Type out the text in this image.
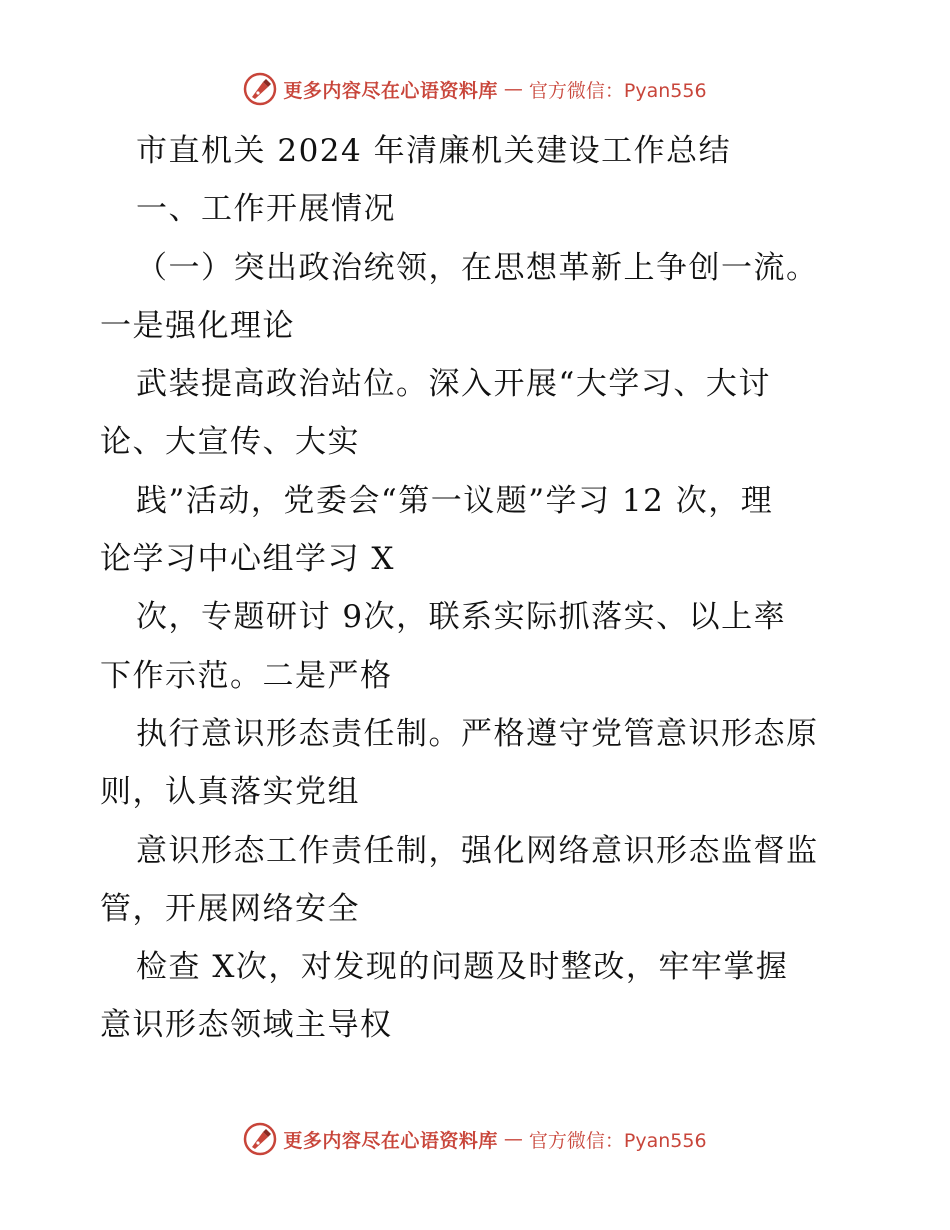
更多内容尽在心语资料库 — 官方微信：Pyan556
市直机关 2024 年清廉机关建设工作总结
一、工作开展情况
（一）突出政治统领，在思想革新上争创一流。
一是强化理论
武装提高政治站位。深入开展“大学习、大讨
论、大宣传、大实
践”活动，党委会“第一议题”学习 12 次，理
论学习中心组学习 X
次，专题研讨 9次，联系实际抓落实、以上率
下作示范。二是严格
执行意识形态责任制。严格遵守党管意识形态原
则，认真落实党组
意识形态工作责任制，强化网络意识形态监督监
管，开展网络安全
检查 X次，对发现的问题及时整改，牢牢掌握
意识形态领域主导权
更多内容尽在心语资料库 — 官方微信：Pyan556
